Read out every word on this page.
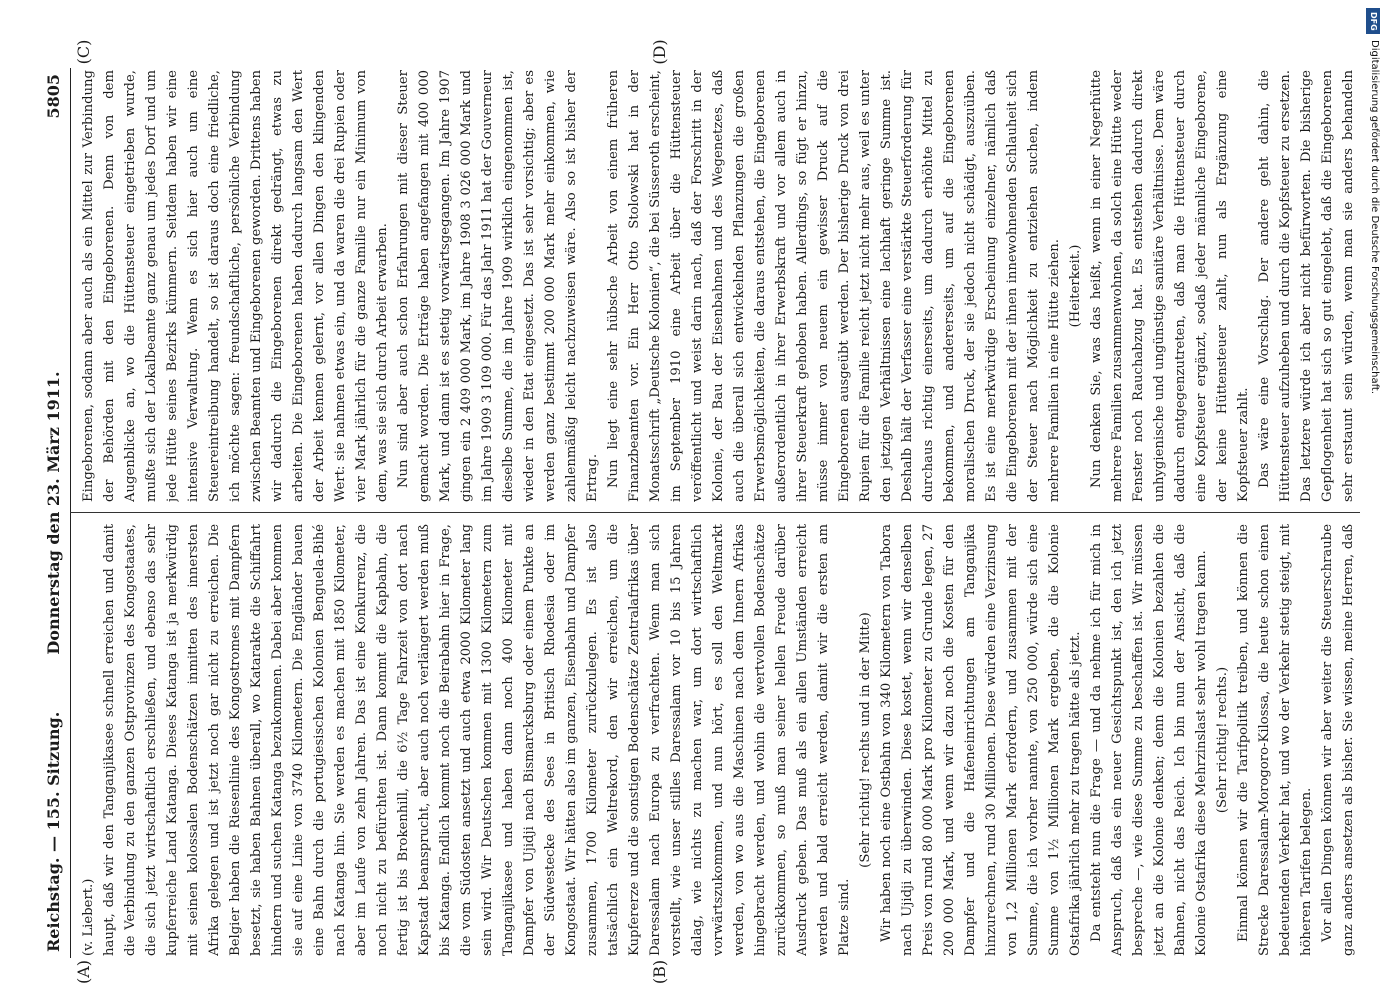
Reichstag. — 155. Sitzung.
Donnerstag den 23. März 1911.
5805
(A)	(B)
(C)	(D)

(v. Liebert.) haupt, daß wir den Tanganjikasee schnell erreichen und damit die Verbindung zu den ganzen Ostprovinzen des Kongostaates, die sich jetzt wirtschaftlich erschließen, und ebenso das sehr kupferreiche Land Katanga. Dieses Katanga ist ja merkwürdig mit seinen kolossalen Bodenschätzen inmitten des innersten Afrika gelegen und ist jetzt noch gar nicht zu erreichen. Die Belgier haben die Riesenlinie des Kongostromes mit Dampfern besetzt, sie haben Bahnen überall, wo Katarakte die Schiffahrt hindern und suchen Katanga bezukommen. Dabei aber kommen sie auf eine Linie von 3740 Kilometern. Die Engländer bauen eine Bahn durch die portugiesischen Kolonien Benguela-Bihé nach Katanga hin. Sie werden es machen mit 1850 Kilometer, aber im Laufe von zehn Jahren. Das ist eine Konkurrenz, die noch nicht zu befürchten ist. Dann kommt die Kapbahn, die fertig ist bis Brokenhill, die 6½ Tage Fahrzeit von dort nach Kapstadt beansprucht, aber auch noch verlängert werden muß bis Katanga. Endlich kommt noch die Beirabahn hier in Frage, die vom Südosten ansetzt und auch etwa 2000 Kilometer lang sein wird. Wir Deutschen kommen mit 1300 Kilometern zum Tanganjikasee und haben dann noch 400 Kilometer mit Dampfer von Ujidji nach Bismarcksburg oder einem Punkte an der Südwestecke des Sees in Britisch Rhodesia oder im Kongostaat. Wir hätten also im ganzen, Eisenbahn und Dampfer zusammen, 1700 Kilometer zurückzulegen. Es ist also tatsächlich ein Weltrekord, den wir erreichen, um die Kupfererze und die sonstigen Bodenschätze Zentralafrikas über Daressalam nach Europa zu verfrachten. Wenn man sich vorstellt, wie unser stilles Daressalam vor 10 bis 15 Jahren dalag, wie nichts zu machen war, um dort wirtschaftlich vorwärtszukommen, und nun hört, es soll den Weltmarkt werden, von wo aus die Maschinen nach dem Innern Afrikas hingebracht werden, und wohin die wertvollen Bodenschätze zurückkommen, so muß man seiner hellen Freude darüber Ausdruck geben. Das muß als ein allen Umständen erreicht werden und bald erreicht werden, damit wir die ersten am Platze sind.

(Sehr richtig! rechts und in der Mitte) Wir haben noch eine Ostbahn von 340 Kilometern von Tabora nach Ujidji zu überwinden. Diese kostet, wenn wir denselben Preis von rund 80 000 Mark pro Kilometer zu Grunde legen, 27 200 000 Mark, und wenn wir dazu noch die Kosten für den Dampfer und die Hafeneinrichtungen am Tanganjika hinzurechnen, rund 30 Millionen. Diese würden eine Verzinsung von 1,2 Millionen Mark erfordern, und zusammen mit der Summe, die ich vorher nannte, von 250 000, würde sich eine Summe von 1½ Millionen Mark ergeben, die die Kolonie Ostafrika jährlich mehr zu tragen hätte als jetzt. Da entsteht nun die Frage — und da nehme ich für mich in Anspruch, daß das ein neuer Gesichtspunkt ist, den ich jetzt bespreche —, wie diese Summe zu beschaffen ist. Wir müssen jetzt an die Kolonie denken; denn die Kolonien bezahlen die Bahnen, nicht das Reich. Ich bin nun der Ansicht, daß die Kolonie Ostafrika diese Mehrzinslast sehr wohl tragen kann. (Sehr richtig! rechts.) Einmal können wir die Tarifpolitik treiben, und können die Strecke Daressalam-Morogoro-Kilossa, die heute schon einen bedeutenden Verkehr hat, und wo der Verkehr stetig steigt, mit höheren Tarifen belegen. Vor allen Dingen können wir aber weiter die Steuerschraube ganz anders ansetzen als bisher. Sie wissen, meine Herren, daß

Eingeborenen, sodann aber auch als ein Mittel zur Verbindung der Behörden mit den Eingeborenen. Denn von dem Augenblicke an, wo die Hüttensteuer eingetrieben wurde, mußte sich der Lokalbeamte ganz genau um jedes Dorf und um jede Hütte seines Bezirks kümmern. Seitdem haben wir eine intensive Verwaltung. Wenn es sich hier auch um eine Steuereintreibung handelt, so ist daraus doch eine friedliche, ich möchte sagen: freundschaftliche, persönliche Verbindung zwischen Beamten und Eingeborenen geworden. Drittens haben wir dadurch die Eingeborenen direkt gedrängt, etwas zu arbeiten. Die Eingeborenen haben dadurch langsam den Wert der Arbeit kennen gelernt, vor allen Dingen den klingenden Wert: sie nahmen etwas ein, und da waren die drei Rupien oder vier Mark jährlich für die ganze Familie nur ein Minimum von dem, was sie sich durch Arbeit erwarben. Nun sind aber auch schon Erfahrungen mit dieser Steuer gemacht worden. Die Erträge haben angefangen mit 400 000 Mark, und dann ist es stetig vorwärtsgegangen. Im Jahre 1907 gingen ein 2 409 000 Mark, im Jahre 1908 3 026 000 Mark und im Jahre 1909 3 109 000. Für das Jahr 1911 hat der Gouverneur dieselbe Summe, die im Jahre 1909 wirklich eingenommen ist, wieder in den Etat eingesetzt. Das ist sehr vorsichtig; aber es werden ganz bestimmt 200 000 Mark mehr einkommen, wie zahlenmäßig leicht nachzuweisen wäre. Also so ist bisher der Ertrag. Nun liegt eine sehr hübsche Arbeit von einem früheren Finanzbeamten vor. Ein Herr Otto Stolowski hat in der Monatsschrift „Deutsche Kolonien“, die bei Süsseroth erscheint, im September 1910 eine Arbeit über die Hüttensteuer veröffentlicht und weist darin nach, daß der Forschritt in der Kolonie, der Bau der Eisenbahnen und des Wegenetzes, daß auch die überall sich entwickelnden Pflanzungen die großen Erwerbsmöglichkeiten, die daraus entstehen, die Eingeborenen außerordentlich in ihrer Erwerbskraft und vor allem auch in ihrer Steuerkraft gehoben haben. Allerdings, so fügt er hinzu, müsse immer von neuem ein gewisser Druck auf die Eingeborenen ausgeübt werden. Der bisherige Druck von drei Rupien für die Familie reicht jetzt nicht mehr aus, weil es unter den jetzigen Verhältnissen eine lachhaft geringe Summe ist. Deshalb hält der Verfasser eine verstärkte Steuerforderung für durchaus richtig einerseits, um dadurch erhöhte Mittel zu bekommen, und andererseits, um auf die Eingeborenen moralischen Druck, der sie jedoch nicht schädigt, auszuüben. Es ist eine merkwürdige Erscheinung einzelner, nämlich daß die Eingeborenen mit der ihnen innewohnenden Schlauheit sich der Steuer nach Möglichkeit zu entziehen suchen, indem mehrere Familien in eine Hütte ziehen. (Heiterkeit.) Nun denken Sie, was das heißt, wenn in einer Negerhütte mehrere Familien zusammenwohnen, da solch eine Hütte weder Fenster noch Rauchabzug hat. Es entstehen dadurch direkt unhygienische und ungünstige sanitäre Verhältnisse. Dem wäre dadurch entgegenzutreten, daß man die Hüttensteuer durch eine Kopfsteuer ergänzt, sodaß jeder männliche Eingeborene, der keine Hüttensteuer zahlt, nun als Ergänzung eine Kopfsteuer zahlt. Das wäre eine Vorschlag. Der andere geht dahin, die Hüttensteuer aufzuheben und durch die Kopfsteuer zu ersetzen. Das letztere würde ich aber nicht befürworten. Die bisherige Gepflogenheit hat sich so gut eingelebt, daß die Eingeborenen sehr erstaunt sein würden, wenn man sie anders behandeln

DFG
Digitalisierung gefördert durch die Deutsche Forschungsgemeinschaft.
